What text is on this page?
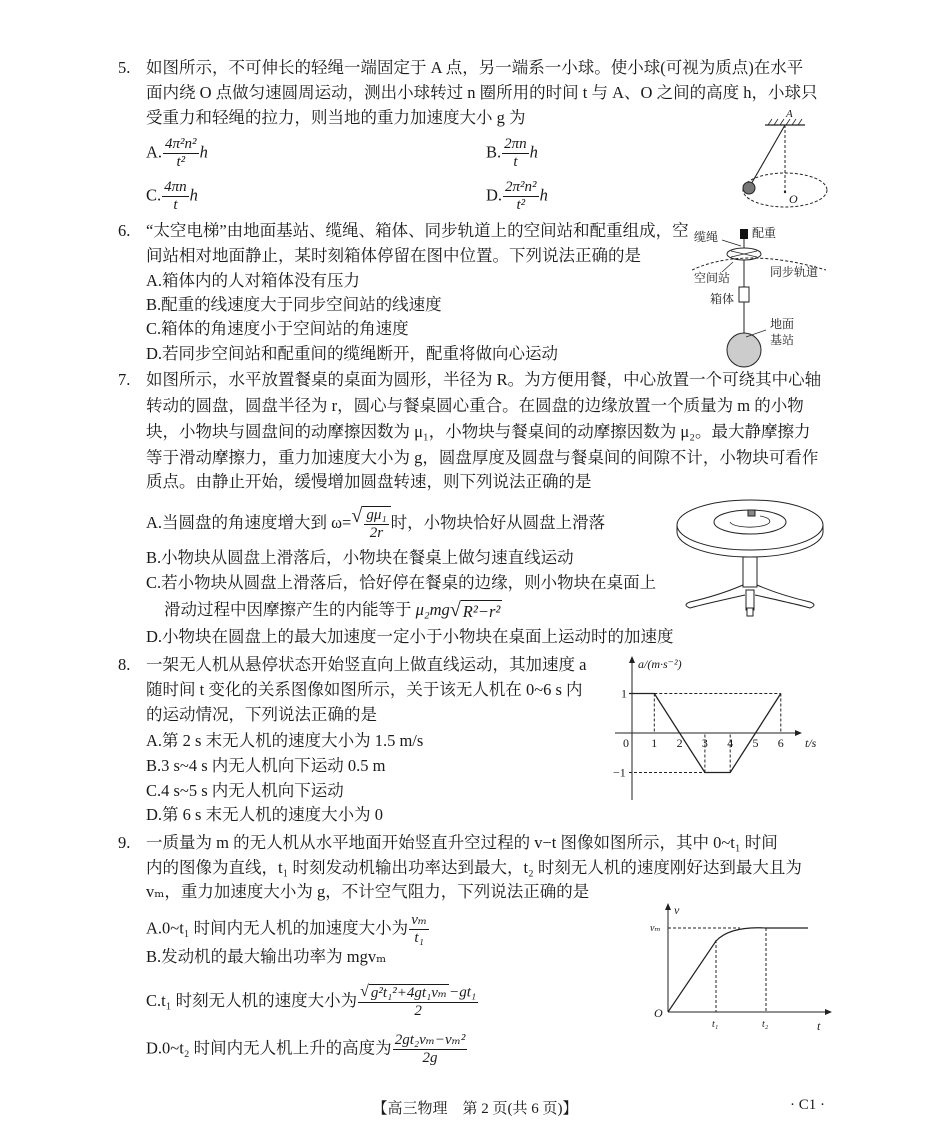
5. 如图所示，不可伸长的轻绳一端固定于 A 点，另一端系一小球。使小球(可视为质点)在水平
面内绕 O 点做匀速圆周运动，测出小球转过 n 圈所用的时间 t 与 A、O 之间的高度 h，小球只
受重力和轻绳的拉力，则当地的重力加速度大小 g 为
A. $\frac{\text{4π²n²}}{\text{t²}}$ h	B. $\frac{2\pi n}{t}$ h
C. $\frac{4\pi n}{t}$ h	D. $\frac{\text{2π²n²}}{\text{t²}}$ h
A
O
6. “太空电梯”由地面基站、缆绳、箱体、同步轨道上的空间站和配重组成，空
间站相对地面静止，某时刻箱体停留在图中位置。下列说法正确的是
A.箱体内的人对箱体没有压力
B.配重的线速度大于同步空间站的线速度
C.箱体的角速度小于空间站的角速度
D.若同步空间站和配重间的缆绳断开，配重将做向心运动
缆绳	配重
空间站	同步轨道
箱体
地面
基站
7. 如图所示，水平放置餐桌的桌面为圆形，半径为 R。为方便用餐，中心放置一个可绕其中心轴
转动的圆盘，圆盘半径为 r，圆心与餐桌圆心重合。在圆盘的边缘放置一个质量为 m 的小物
块，小物块与圆盘间的动摩擦因数为 μ₁，小物块与餐桌间的动摩擦因数为 μ₂。最大静摩擦力
等于滑动摩擦力，重力加速度大小为 g，圆盘厚度及圆盘与餐桌间的间隙不计，小物块可看作
质点。由静止开始，缓慢增加圆盘转速，则下列说法正确的是
A.当圆盘的角速度增大到 ω= √ $\frac{\text{gμ₁}}{2r}$ 时，小物块恰好从圆盘上滑落
B.小物块从圆盘上滑落后，小物块在餐桌上做匀速直线运动
C.若小物块从圆盘上滑落后，恰好停在餐桌的边缘，则小物块在桌面上
滑动过程中因摩擦产生的内能等于 μ₂mg √ R²−r²
D.小物块在圆盘上的最大加速度一定小于小物块在桌面上运动时的加速度
8. 一架无人机从悬停状态开始竖直向上做直线运动，其加速度 a
随时间 t 变化的关系图像如图所示，关于该无人机在 0~6 s 内
的运动情况，下列说法正确的是
A.第 2 s 末无人机的速度大小为 1.5 m/s
B.3 s~4 s 内无人机向下运动 0.5 m
C.4 s~5 s 内无人机向下运动
D.第 6 s 末无人机的速度大小为 0
a/(m·s⁻²)
t/s
0 1 2 3 4 5 6
1
−1
9. 一质量为 m 的无人机从水平地面开始竖直升空过程的 v−t 图像如图所示，其中 0~t₁ 时间
内的图像为直线，t₁ 时刻发动机输出功率达到最大，t₂ 时刻无人机的速度刚好达到最大且为
vₘ，重力加速度大小为 g，不计空气阻力，下列说法正确的是
A.0~t₁ 时间内无人机的加速度大小为 $\frac{\text{vₘ}}{\text{t₁}}$
B.发动机的最大输出功率为 mgvₘ
C.t₁ 时刻无人机的速度大小为 $\frac{\text{√ g²t₁²+4gt₁vₘ −gt₁}}{2}$
D.0~t₂ 时间内无人机上升的高度为 $\frac{\text{2gt₂vₘ−vₘ²}}{2g}$
v
t
O
vₘ
t₁	t₂
【高三物理　第 2 页(共 6 页)】	· C1 ·
